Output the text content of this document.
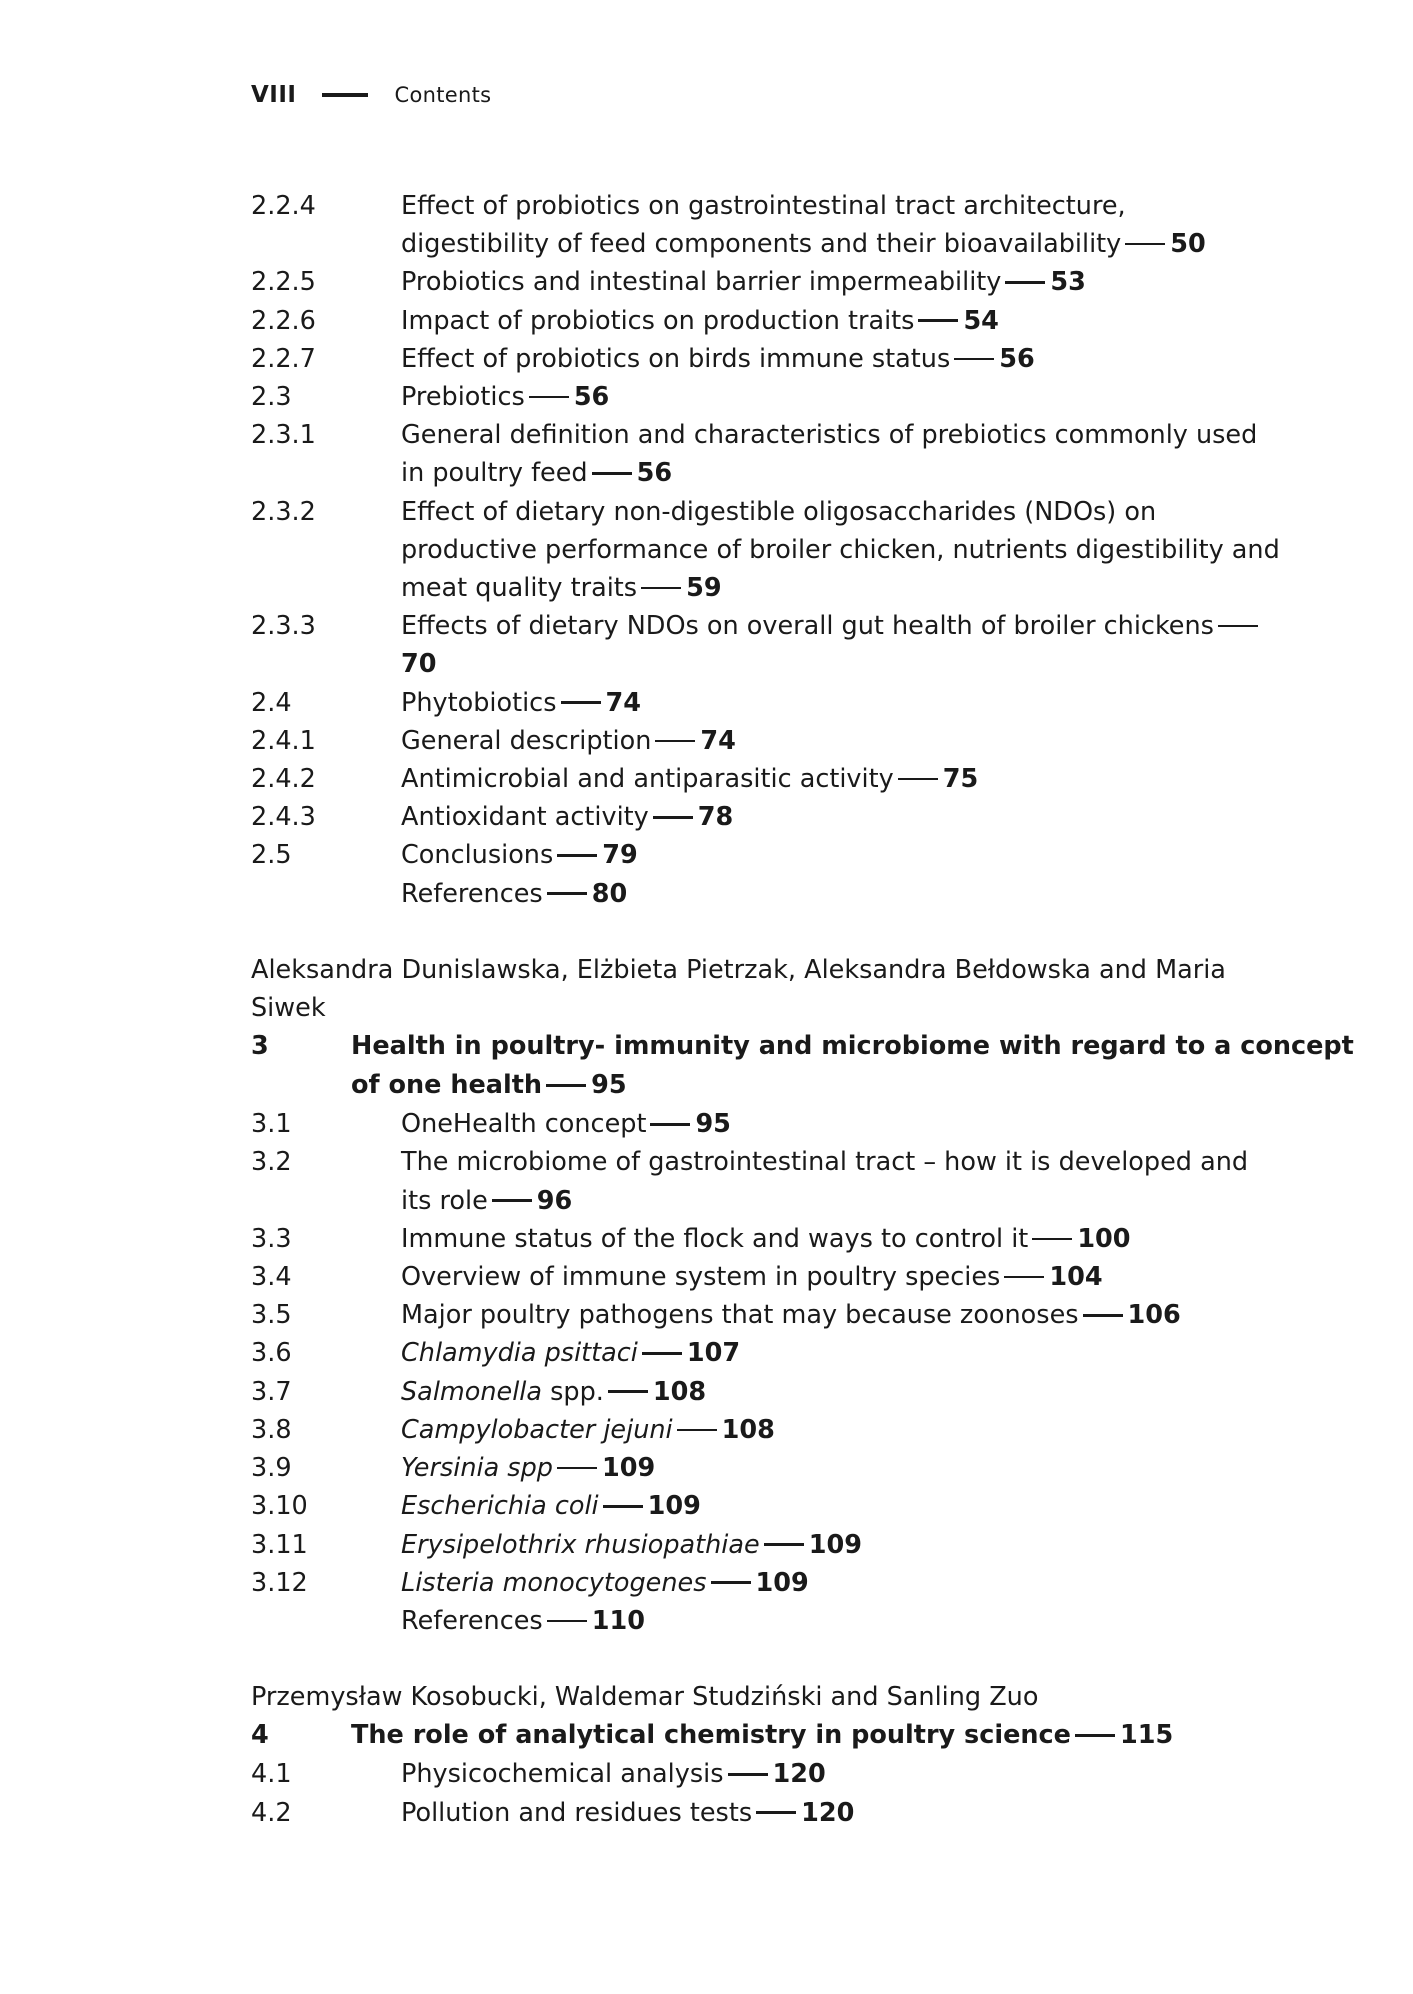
VIII	Contents
2.2.4	Effect of probiotics on gastrointestinal tract architecture, digestibility of feed components and their bioavailability 50
2.2.5	Probiotics and intestinal barrier impermeability 53
2.2.6	Impact of probiotics on production traits 54
2.2.7	Effect of probiotics on birds immune status 56
2.3	Prebiotics 56
2.3.1	General definition and characteristics of prebiotics commonly used in poultry feed 56
2.3.2	Effect of dietary non-digestible oligosaccharides (NDOs) on productive performance of broiler chicken, nutrients digestibility and meat quality traits 59
2.3.3	Effects of dietary NDOs on overall gut health of broiler chickens70
2.4	Phytobiotics 74
2.4.1	General description 74
2.4.2	Antimicrobial and antiparasitic activity 75
2.4.3	Antioxidant activity 78
2.5	Conclusions 79
References 80
Aleksandra Dunislawska, Elżbieta Pietrzak, Aleksandra Bełdowska and Maria Siwek
3	Health in poultry- immunity and microbiome with regard to a concept of one health 95
3.1	OneHealth concept 95
3.2	The microbiome of gastrointestinal tract – how it is developed and its role 96
3.3	Immune status of the flock and ways to control it 100
3.4	Overview of immune system in poultry species 104
3.5	Major poultry pathogens that may because zoonoses 106
3.6	Chlamydia psittaci 107
3.7	Salmonella spp. 108
3.8	Campylobacter jejuni 108
3.9	Yersinia spp 109
3.10	Escherichia coli 109
3.11	Erysipelothrix rhusiopathiae 109
3.12	Listeria monocytogenes 109
References 110
Przemysław Kosobucki, Waldemar Studziński and Sanling Zuo
4	The role of analytical chemistry in poultry science 115
4.1	Physicochemical analysis 120
4.2	Pollution and residues tests 120
